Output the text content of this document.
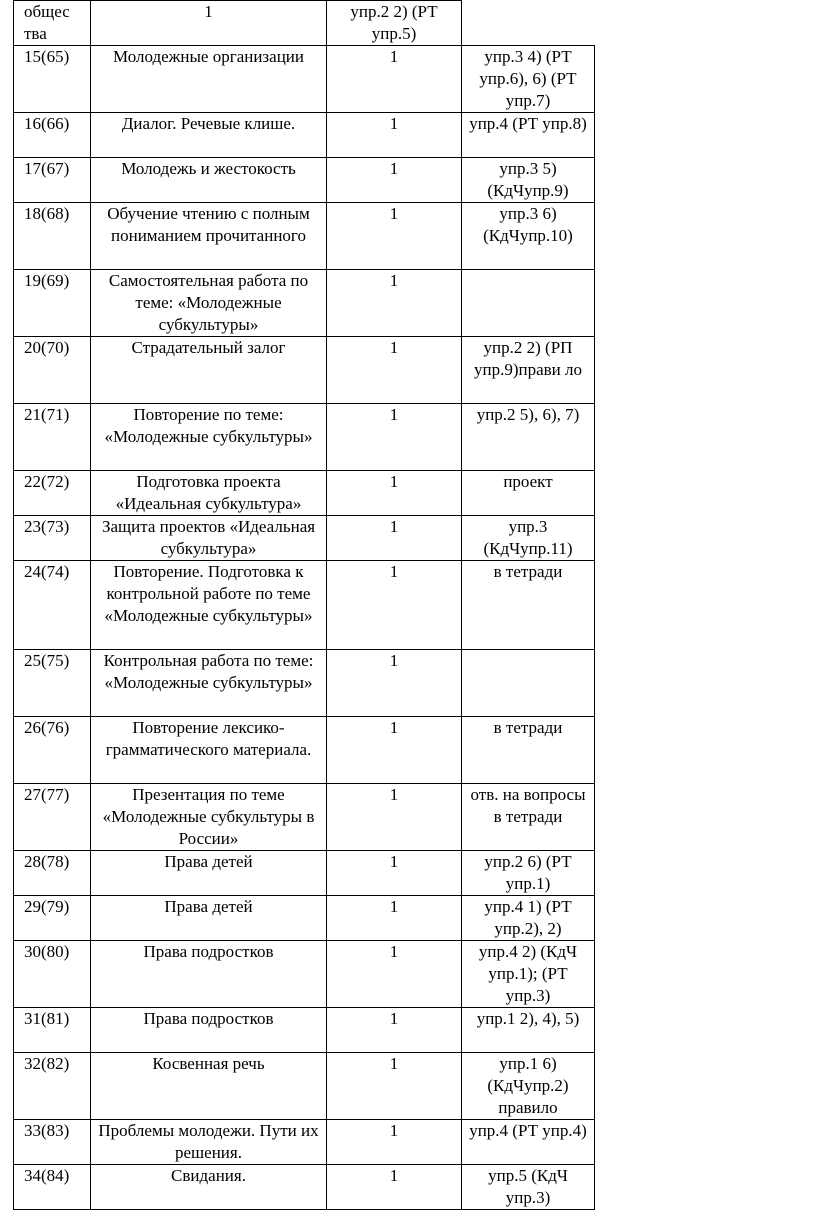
общес тва	1	упр.2 2) (РТ упр.5)	

15(65)	Молодежные организации	1	упр.3 4) (РТ упр.6), 6) (РТ упр.7)

16(66)	Диалог. Речевые клише.	1	упр.4 (РТ упр.8)

17(67)	Молодежь и жестокость	1	упр.3 5) (КдЧупр.9)

18(68)	Обучение чтению с полным пониманием прочитанного	1	упр.3 6) (КдЧупр.10)

19(69)	Самостоятельная работа по теме: «Молодежные субкультуры»	1	

20(70)	Страдательный залог	1	упр.2 2) (РП упр.9)прави ло

21(71)	Повторение по теме: «Молодежные субкультуры»	1	упр.2 5), 6), 7)

22(72)	Подготовка проекта «Идеальная субкультура»	1	проект

23(73)	Защита проектов «Идеальная субкультура»	1	упр.3 (КдЧупр.11)

24(74)	Повторение. Подготовка к контрольной работе по теме «Молодежные субкультуры»	1	в тетради

25(75)	Контрольная работа по теме: «Молодежные субкультуры»	1	

26(76)	Повторение лексико-грамматического материала.	1	в тетради

27(77)	Презентация по теме «Молодежные субкультуры в России»	1	отв. на вопросы в тетради

28(78)	Права детей	1	упр.2 6) (РТ упр.1)

29(79)	Права детей	1	упр.4 1) (РТ упр.2), 2)

30(80)	Права подростков	1	упр.4 2) (КдЧ упр.1); (РТ упр.3)

31(81)	Права подростков	1	упр.1 2), 4), 5)

32(82)	Косвенная речь	1	упр.1 6) (КдЧупр.2) правило

33(83)	Проблемы молодежи. Пути их решения.	1	упр.4 (РТ упр.4)

34(84)	Свидания.	1	упр.5 (КдЧ упр.3)
